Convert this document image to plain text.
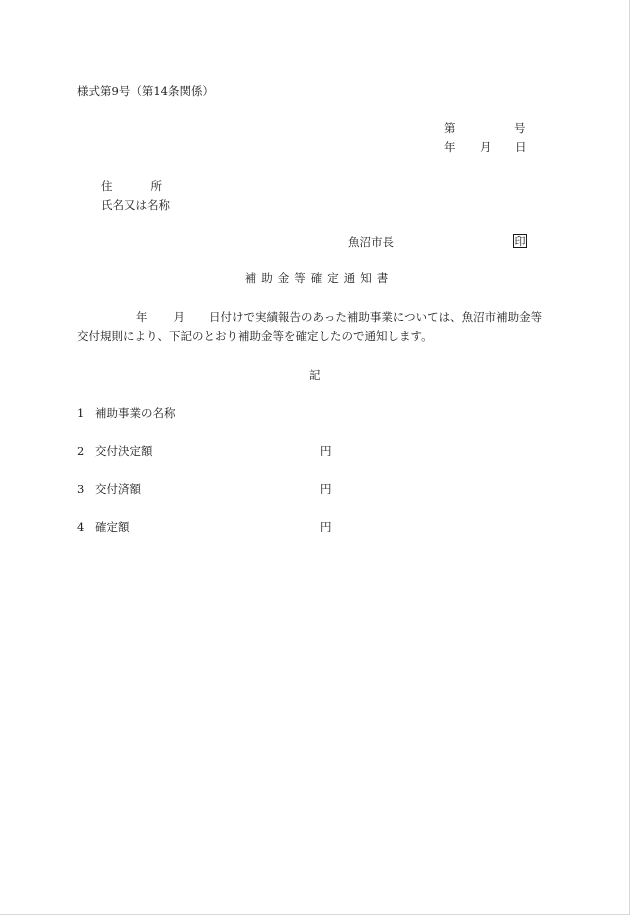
様式第9号（第14条関係）
第	号
年 月 日
住	所
氏名又は名称
魚沼市長	印
補助金等確定通知書
年 月 日付けで実績報告のあった補助事業については、魚沼市補助金等
交付規則により、下記のとおり補助金等を確定したので通知します。
記
1 補助事業の名称
2 交付決定額	円
3 交付済額	円
4 確定額	円
